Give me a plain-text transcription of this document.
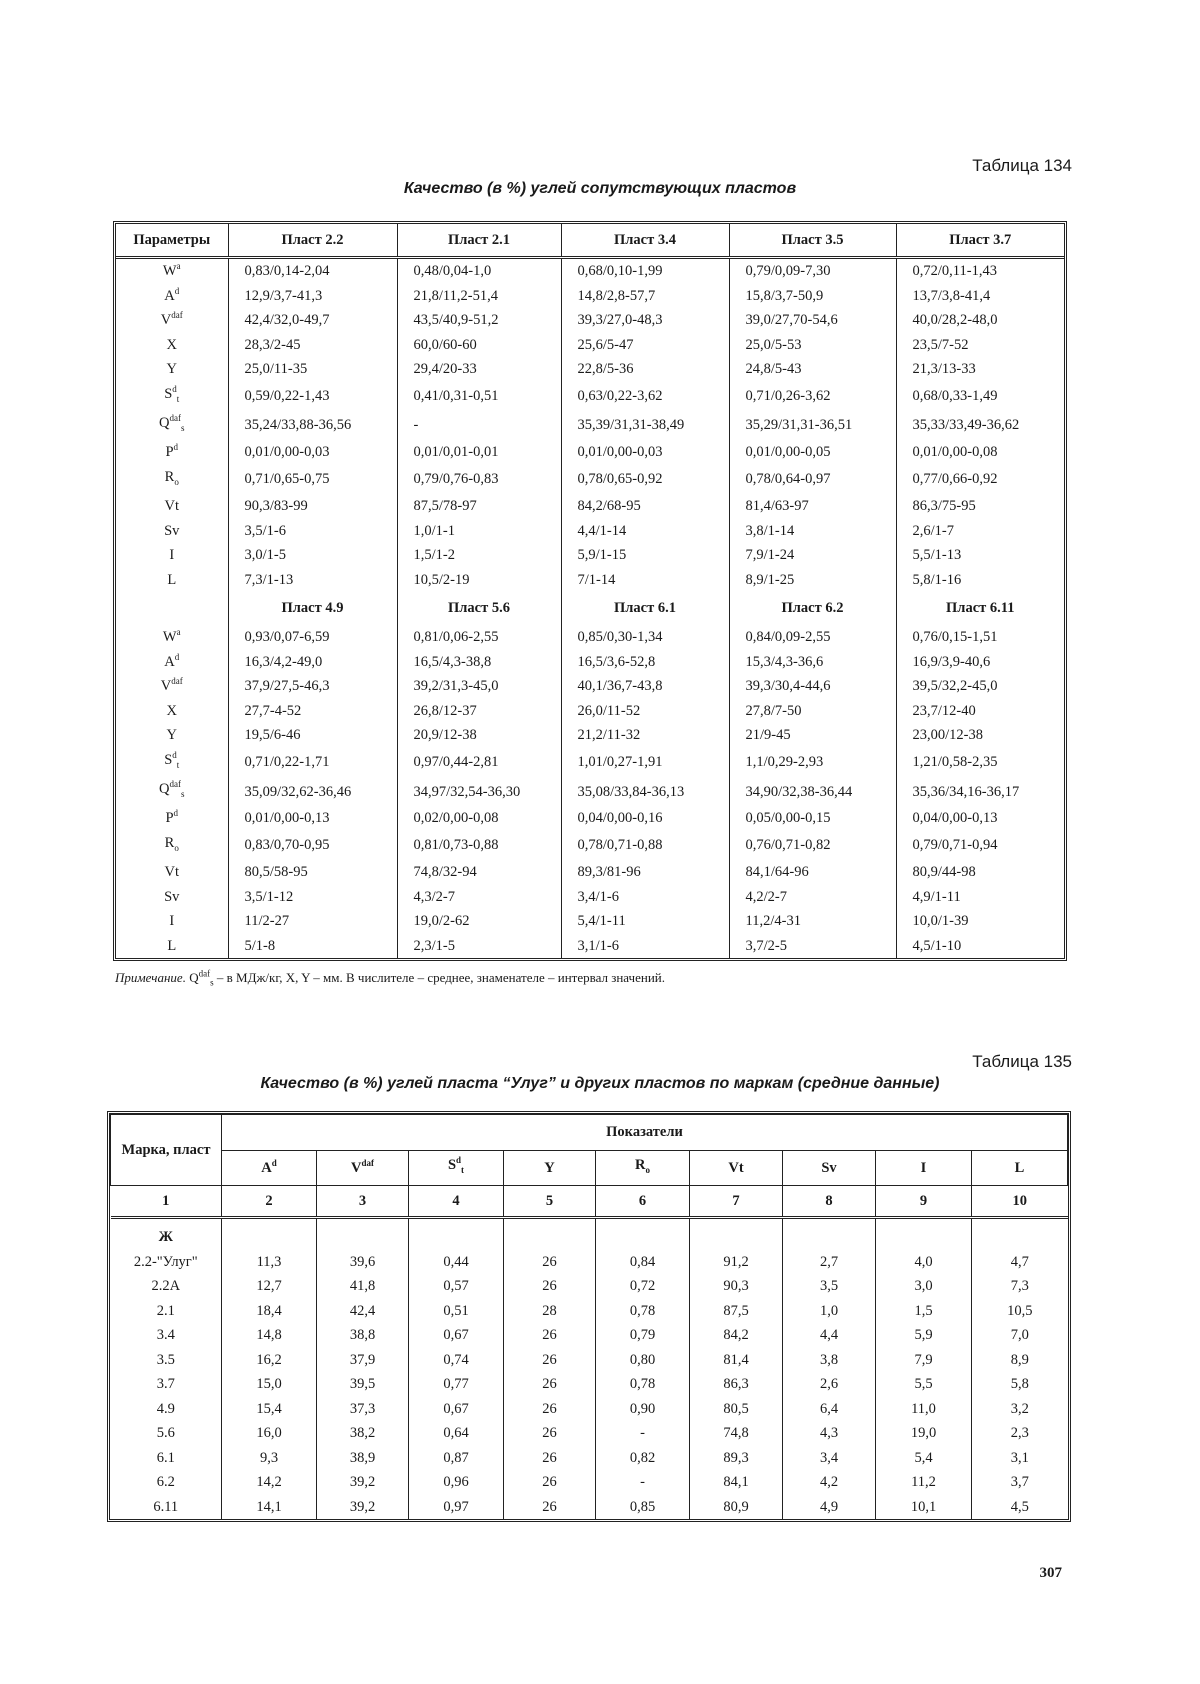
Таблица 134
Качество (в %) углей сопутствующих пластов
Параметры	Пласт 2.2	Пласт 2.1	Пласт 3.4	Пласт 3.5	Пласт 3.7
$W^a$	0,83/0,14-2,04	0,48/0,04-1,0	0,68/0,10-1,99	0,79/0,09-7,30	0,72/0,11-1,43
$A^d$	12,9/3,7-41,3	21,8/11,2-51,4	14,8/2,8-57,7	15,8/3,7-50,9	13,7/3,8-41,4
$V^{daf}$	42,4/32,0-49,7	43,5/40,9-51,2	39,3/27,0-48,3	39,0/27,70-54,6	40,0/28,2-48,0
X	28,3/2-45	60,0/60-60	25,6/5-47	25,0/5-53	23,5/7-52
Y	25,0/11-35	29,4/20-33	22,8/5-36	24,8/5-43	21,3/13-33
$S^d_t$	0,59/0,22-1,43	0,41/0,31-0,51	0,63/0,22-3,62	0,71/0,26-3,62	0,68/0,33-1,49
$Q^{daf}_s$	35,24/33,88-36,56	-	35,39/31,31-38,49	35,29/31,31-36,51	35,33/33,49-36,62
$P^d$	0,01/0,00-0,03	0,01/0,01-0,01	0,01/0,00-0,03	0,01/0,00-0,05	0,01/0,00-0,08
$R_o$	0,71/0,65-0,75	0,79/0,76-0,83	0,78/0,65-0,92	0,78/0,64-0,97	0,77/0,66-0,92
Vt	90,3/83-99	87,5/78-97	84,2/68-95	81,4/63-97	86,3/75-95
Sv	3,5/1-6	1,0/1-1	4,4/1-14	3,8/1-14	2,6/1-7
I	3,0/1-5	1,5/1-2	5,9/1-15	7,9/1-24	5,5/1-13
L	7,3/1-13	10,5/2-19	7/1-14	8,9/1-25	5,8/1-16
	Пласт 4.9	Пласт 5.6	Пласт 6.1	Пласт 6.2	Пласт 6.11
$W^a$	0,93/0,07-6,59	0,81/0,06-2,55	0,85/0,30-1,34	0,84/0,09-2,55	0,76/0,15-1,51
$A^d$	16,3/4,2-49,0	16,5/4,3-38,8	16,5/3,6-52,8	15,3/4,3-36,6	16,9/3,9-40,6
$V^{daf}$	37,9/27,5-46,3	39,2/31,3-45,0	40,1/36,7-43,8	39,3/30,4-44,6	39,5/32,2-45,0
X	27,7-4-52	26,8/12-37	26,0/11-52	27,8/7-50	23,7/12-40
Y	19,5/6-46	20,9/12-38	21,2/11-32	21/9-45	23,00/12-38
$S^d_t$	0,71/0,22-1,71	0,97/0,44-2,81	1,01/0,27-1,91	1,1/0,29-2,93	1,21/0,58-2,35
$Q^{daf}_s$	35,09/32,62-36,46	34,97/32,54-36,30	35,08/33,84-36,13	34,90/32,38-36,44	35,36/34,16-36,17
$P^d$	0,01/0,00-0,13	0,02/0,00-0,08	0,04/0,00-0,16	0,05/0,00-0,15	0,04/0,00-0,13
$R_o$	0,83/0,70-0,95	0,81/0,73-0,88	0,78/0,71-0,88	0,76/0,71-0,82	0,79/0,71-0,94
Vt	80,5/58-95	74,8/32-94	89,3/81-96	84,1/64-96	80,9/44-98
Sv	3,5/1-12	4,3/2-7	3,4/1-6	4,2/2-7	4,9/1-11
I	11/2-27	19,0/2-62	5,4/1-11	11,2/4-31	10,0/1-39
L	5/1-8	2,3/1-5	3,1/1-6	3,7/2-5	4,5/1-10
Примечание. $Q^{daf}_s$ – в МДж/кг, X, Y – мм. В числителе – среднее, знаменателе – интервал значений.
Таблица 135
Качество (в %) углей пласта “Улуг” и других пластов по маркам (средние данные)
Марка, пласт	Показатели								
	$A^d$	$V^{daf}$	$S^d_t$	Y	$R_o$	Vt	Sv	I	L
1	2	3	4	5	6	7	8	9	10
Ж									
2.2-"Улуг"	11,3	39,6	0,44	26	0,84	91,2	2,7	4,0	4,7
2.2A	12,7	41,8	0,57	26	0,72	90,3	3,5	3,0	7,3
2.1	18,4	42,4	0,51	28	0,78	87,5	1,0	1,5	10,5
3.4	14,8	38,8	0,67	26	0,79	84,2	4,4	5,9	7,0
3.5	16,2	37,9	0,74	26	0,80	81,4	3,8	7,9	8,9
3.7	15,0	39,5	0,77	26	0,78	86,3	2,6	5,5	5,8
4.9	15,4	37,3	0,67	26	0,90	80,5	6,4	11,0	3,2
5.6	16,0	38,2	0,64	26	-	74,8	4,3	19,0	2,3
6.1	9,3	38,9	0,87	26	0,82	89,3	3,4	5,4	3,1
6.2	14,2	39,2	0,96	26	-	84,1	4,2	11,2	3,7
6.11	14,1	39,2	0,97	26	0,85	80,9	4,9	10,1	4,5
307
